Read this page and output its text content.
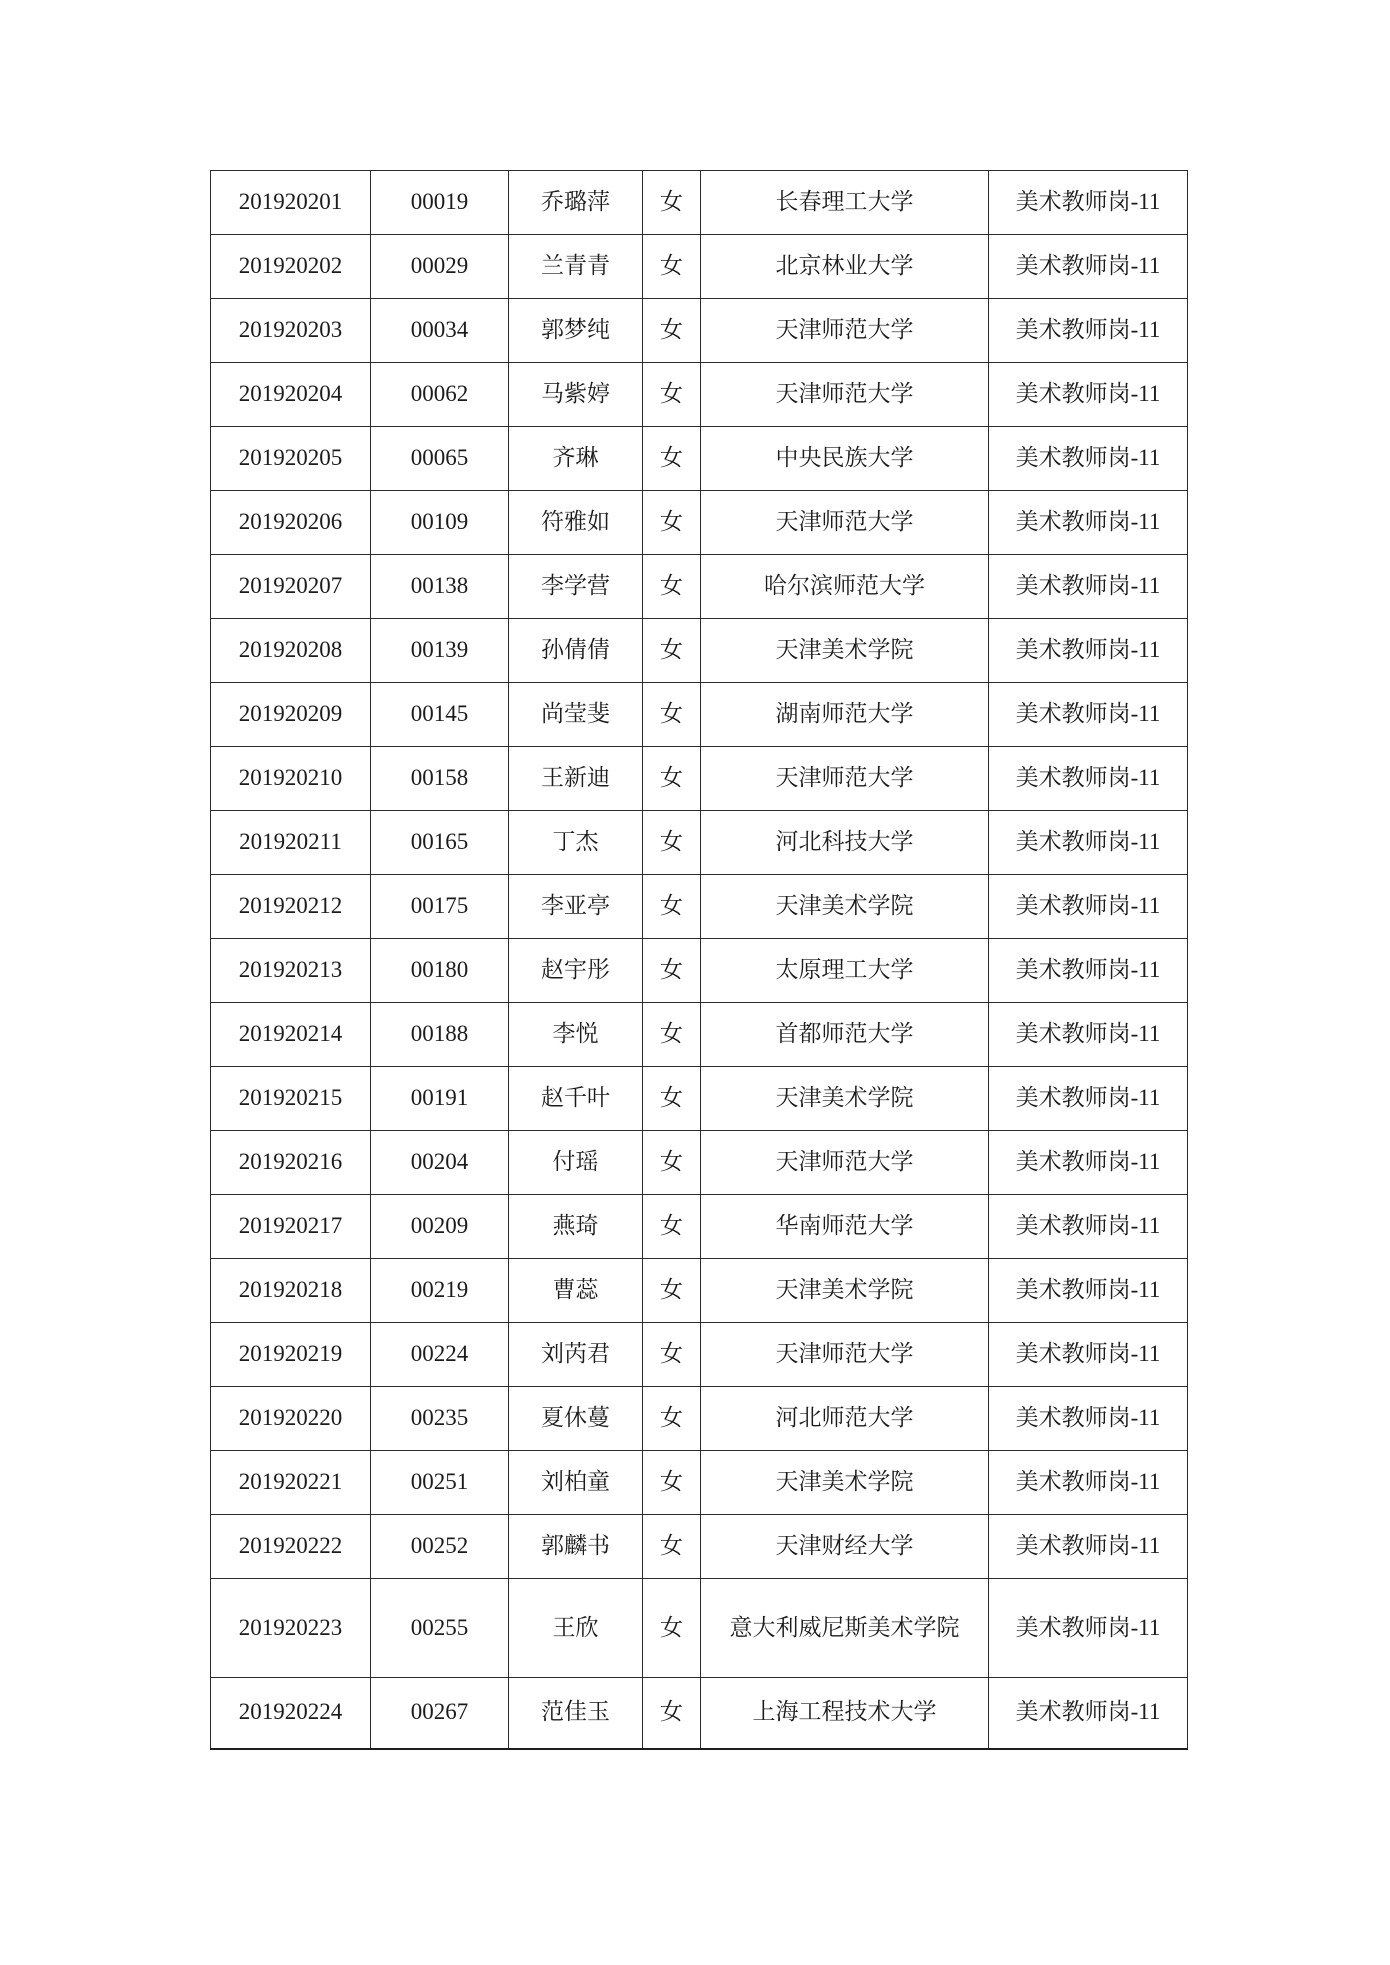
201920201	00019	乔璐萍	女	长春理工大学	美术教师岗-11
201920202	00029	兰青青	女	北京林业大学	美术教师岗-11
201920203	00034	郭梦纯	女	天津师范大学	美术教师岗-11
201920204	00062	马紫婷	女	天津师范大学	美术教师岗-11
201920205	00065	齐琳	女	中央民族大学	美术教师岗-11
201920206	00109	符雅如	女	天津师范大学	美术教师岗-11
201920207	00138	李学营	女	哈尔滨师范大学	美术教师岗-11
201920208	00139	孙倩倩	女	天津美术学院	美术教师岗-11
201920209	00145	尚莹斐	女	湖南师范大学	美术教师岗-11
201920210	00158	王新迪	女	天津师范大学	美术教师岗-11
201920211	00165	丁杰	女	河北科技大学	美术教师岗-11
201920212	00175	李亚亭	女	天津美术学院	美术教师岗-11
201920213	00180	赵宇彤	女	太原理工大学	美术教师岗-11
201920214	00188	李悦	女	首都师范大学	美术教师岗-11
201920215	00191	赵千叶	女	天津美术学院	美术教师岗-11
201920216	00204	付瑶	女	天津师范大学	美术教师岗-11
201920217	00209	燕琦	女	华南师范大学	美术教师岗-11
201920218	00219	曹蕊	女	天津美术学院	美术教师岗-11
201920219	00224	刘芮君	女	天津师范大学	美术教师岗-11
201920220	00235	夏休蔓	女	河北师范大学	美术教师岗-11
201920221	00251	刘柏童	女	天津美术学院	美术教师岗-11
201920222	00252	郭麟书	女	天津财经大学	美术教师岗-11
201920223	00255	王欣	女	意大利威尼斯美术学院	美术教师岗-11
201920224	00267	范佳玉	女	上海工程技术大学	美术教师岗-11
